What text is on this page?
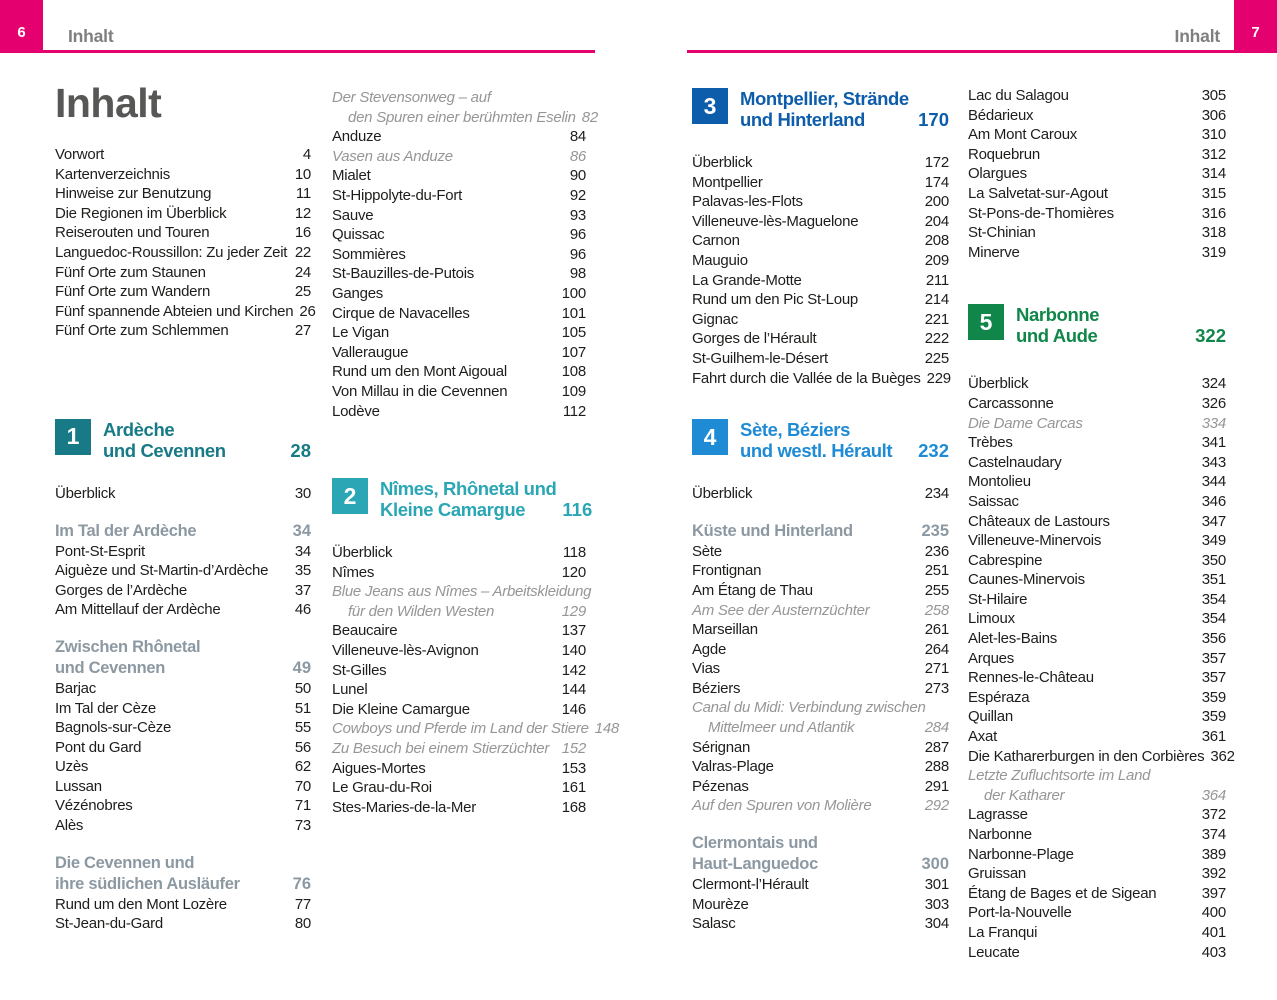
6	Inhalt	7
Inhalt
Inhalt
Vorwort	4
Kartenverzeichnis	10
Hinweise zur Benutzung	11
Die Regionen im Überblick	12
Reiserouten und Touren	16
Languedoc-Roussillon: Zu jeder Zeit 22
Fünf Orte zum Staunen	24
Fünf Orte zum Wandern	25
Fünf spannende Abteien und Kirchen 26
Fünf Orte zum Schlemmen	27
1	Ardèche
und Cevennen	28
Überblick	30
Im Tal der Ardèche	34
Pont-St-Esprit	34
Aiguèze und St-Martin-d’Ardèche 35
Gorges de l’Ardèche	37
Am Mittellauf der Ardèche	46
Zwischen Rhônetal
und Cevennen	49
Barjac	50
Im Tal der Cèze	51
Bagnols-sur-Cèze	55
Pont du Gard	56
Uzès	62
Lussan	70
Vézénobres	71
Alès	73
Die Cevennen und
ihre südlichen Ausläufer	76
Rund um den Mont Lozère	77
St-Jean-du-Gard	80
Der Stevensonweg – auf
den Spuren einer berühmten Eselin 82
Anduze	84
Vasen aus Anduze	86
Mialet	90
St-Hippolyte-du-Fort	92
Sauve	93
Quissac	96
Sommières	96
St-Bauzilles-de-Putois	98
Ganges	100
Cirque de Navacelles	101
Le Vigan	105
Valleraugue	107
Rund um den Mont Aigoual	108
Von Millau in die Cevennen	109
Lodève	112
2	Nîmes, Rhônetal und
Kleine Camargue	116
Überblick	118
Nîmes	120
Blue Jeans aus Nîmes – Arbeitskleidung
für den Wilden Westen	129
Beaucaire	137
Villeneuve-lès-Avignon	140
St-Gilles	142
Lunel	144
Die Kleine Camargue	146
Cowboys und Pferde im Land der Stiere 148
Zu Besuch bei einem Stierzüchter 152
Aigues-Mortes	153
Le Grau-du-Roi	161
Stes-Maries-de-la-Mer	168
3	Montpellier, Strände
und Hinterland	170
Überblick	172
Montpellier	174
Palavas-les-Flots	200
Villeneuve-lès-Maguelone	204
Carnon	208
Mauguio	209
La Grande-Motte	211
Rund um den Pic St-Loup	214
Gignac	221
Gorges de l’Hérault	222
St-Guilhem-le-Désert	225
Fahrt durch die Vallée de la Buèges 229
4	Sète, Béziers
und westl. Hérault	232
Überblick	234
Küste und Hinterland	235
Sète	236
Frontignan	251
Am Étang de Thau	255
Am See der Austernzüchter	258
Marseillan	261
Agde	264
Vias	271
Béziers	273
Canal du Midi: Verbindung zwischen
Mittelmeer und Atlantik	284
Sérignan	287
Valras-Plage	288
Pézenas	291
Auf den Spuren von Molière	292
Clermontais und
Haut-Languedoc	300
Clermont-l’Hérault	301
Mourèze	303
Salasc	304
Lac du Salagou	305
Bédarieux	306
Am Mont Caroux	310
Roquebrun	312
Olargues	314
La Salvetat-sur-Agout	315
St-Pons-de-Thomières	316
St-Chinian	318
Minerve	319
5	Narbonne
und Aude	322
Überblick	324
Carcassonne	326
Die Dame Carcas	334
Trèbes	341
Castelnaudary	343
Montolieu	344
Saissac	346
Châteaux de Lastours	347
Villeneuve-Minervois	349
Cabrespine	350
Caunes-Minervois	351
St-Hilaire	354
Limoux	354
Alet-les-Bains	356
Arques	357
Rennes-le-Château	357
Espéraza	359
Quillan	359
Axat	361
Die Katharerburgen in den Corbières 362
Letzte Zufluchtsorte im Land
der Katharer	364
Lagrasse	372
Narbonne	374
Narbonne-Plage	389
Gruissan	392
Étang de Bages et de Sigean	397
Port-la-Nouvelle	400
La Franqui	401
Leucate	403
